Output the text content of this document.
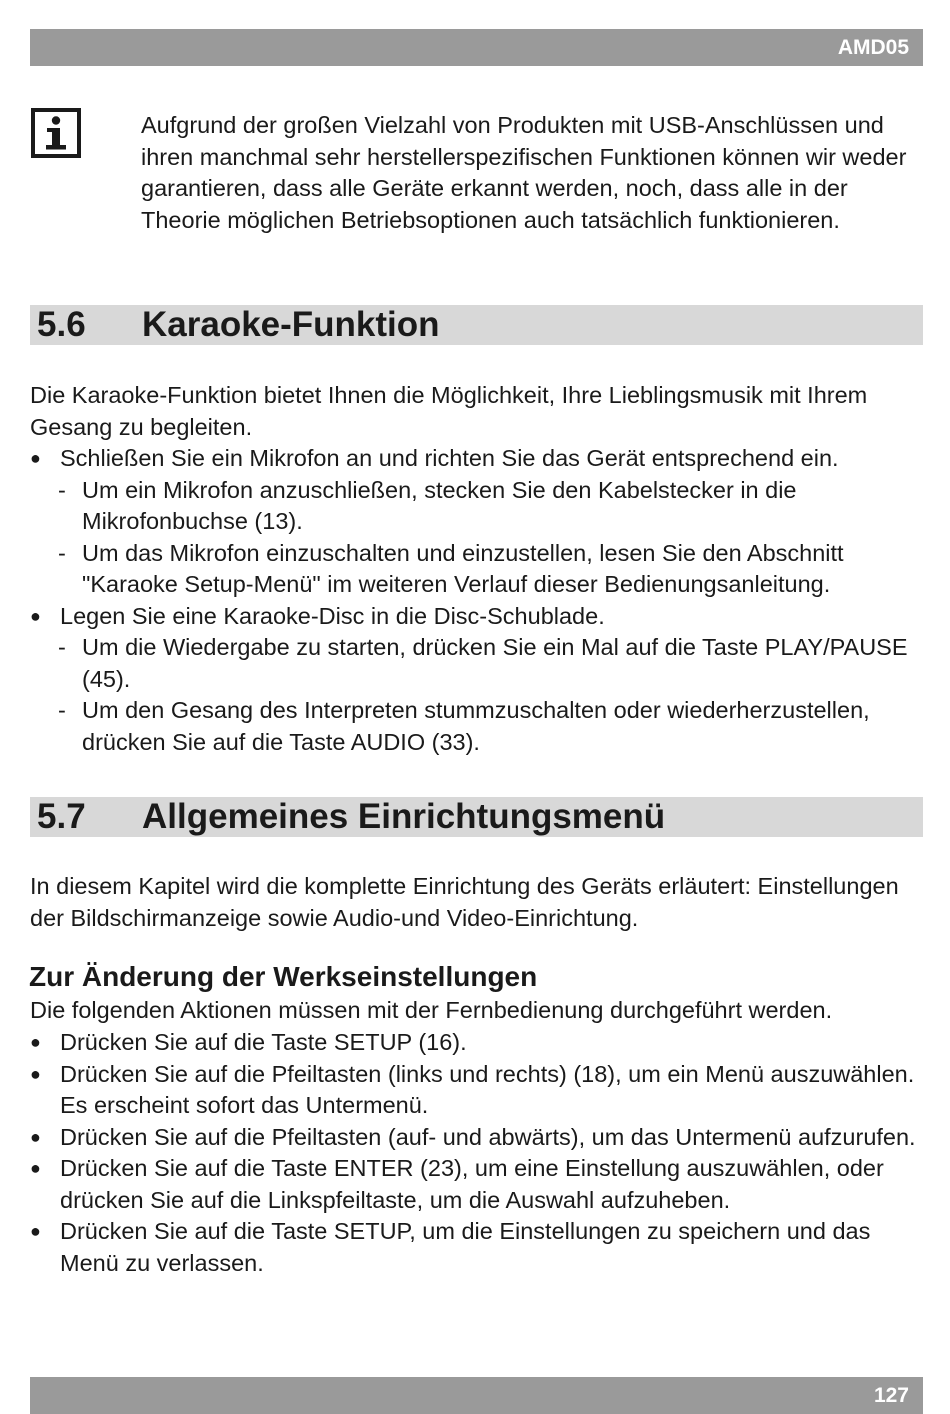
AMD05

Aufgrund der großen Vielzahl von Produkten mit USB-Anschlüssen und ihren manchmal sehr herstellerspezifischen Funktionen können wir weder garantieren, dass alle Geräte erkannt werden, noch, dass alle in der Theorie möglichen Betriebsoptionen auch tatsächlich funktionieren.

5.6 Karaoke-Funktion

Die Karaoke-Funktion bietet Ihnen die Möglichkeit, Ihre Lieblingsmusik mit Ihrem Gesang zu begleiten.

● Schließen Sie ein Mikrofon an und richten Sie das Gerät entsprechend ein.
- Um ein Mikrofon anzuschließen, stecken Sie den Kabelstecker in die Mikrofonbuchse (13).
- Um das Mikrofon einzuschalten und einzustellen, lesen Sie den Abschnitt "Karaoke Setup-Menü" im weiteren Verlauf dieser Bedienungsanleitung.
● Legen Sie eine Karaoke-Disc in die Disc-Schublade.
- Um die Wiedergabe zu starten, drücken Sie ein Mal auf die Taste PLAY/PAUSE (45).
- Um den Gesang des Interpreten stummzuschalten oder wiederherzustellen, drücken Sie auf die Taste AUDIO (33).
5.7 Allgemeines Einrichtungsmenü

In diesem Kapitel wird die komplette Einrichtung des Geräts erläutert: Einstellungen der Bildschirmanzeige sowie Audio-und Video-Einrichtung.

Zur Änderung der Werkseinstellungen

Die folgenden Aktionen müssen mit der Fernbedienung durchgeführt werden.

● Drücken Sie auf die Taste SETUP (16).
● Drücken Sie auf die Pfeiltasten (links und rechts) (18), um ein Menü auszuwählen. Es erscheint sofort das Untermenü.
● Drücken Sie auf die Pfeiltasten (auf- und abwärts), um das Untermenü aufzurufen.
● Drücken Sie auf die Taste ENTER (23), um eine Einstellung auszuwählen, oder drücken Sie auf die Linkspfeiltaste, um die Auswahl aufzuheben.
● Drücken Sie auf die Taste SETUP, um die Einstellungen zu speichern und das Menü zu verlassen.
127
